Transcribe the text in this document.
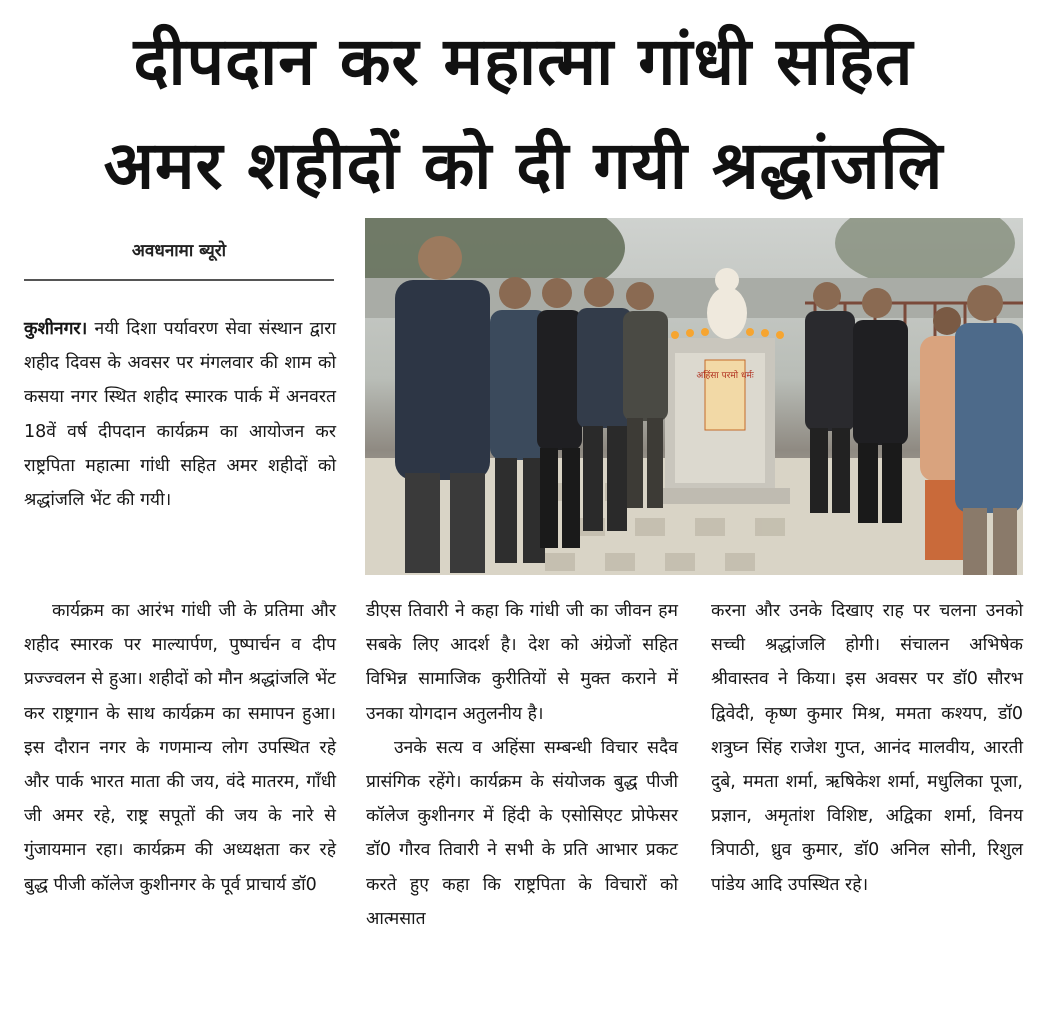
दीपदान कर महात्मा गांधी सहित
अमर शहीदों को दी गयी श्रद्धांजलि
अवधनामा ब्यूरो
अहिंसा परमो धर्मः

कुशीनगर। नयी दिशा पर्यावरण सेवा संस्थान द्वारा शहीद दिवस के अवसर पर मंगलवार की शाम को कसया नगर स्थित शहीद स्मारक पार्क में अनवरत 18वें वर्ष दीपदान कार्यक्रम का आयोजन कर राष्ट्रपिता महात्मा गांधी सहित अमर शहीदों को श्रद्धांजलि भेंट की गयी।

कार्यक्रम का आरंभ गांधी जी के प्रतिमा और शहीद स्मारक पर माल्यार्पण, पुष्पार्चन व दीप प्रज्ज्वलन से हुआ। शहीदों को मौन श्रद्धांजलि भेंट कर राष्ट्रगान के साथ कार्यक्रम का समापन हुआ। इस दौरान नगर के गणमान्य लोग उपस्थित रहे और पार्क भारत माता की जय, वंदे मातरम, गाँधी जी अमर रहे, राष्ट्र सपूतों की जय के नारे से गुंजायमान रहा। कार्यक्रम की अध्यक्षता कर रहे बुद्ध पीजी कॉलेज कुशीनगर के पूर्व प्राचार्य डॉ0

डीएस तिवारी ने कहा कि गांधी जी का जीवन हम सबके लिए आदर्श है। देश को अंग्रेजों सहित विभिन्न सामाजिक कुरीतियों से मुक्त कराने में उनका योगदान अतुलनीय है।

उनके सत्य व अहिंसा सम्बन्धी विचार सदैव प्रासंगिक रहेंगे। कार्यक्रम के संयोजक बुद्ध पीजी कॉलेज कुशीनगर में हिंदी के एसोसिएट प्रोफेसर डॉ0 गौरव तिवारी ने सभी के प्रति आभार प्रकट करते हुए कहा कि राष्ट्रपिता के विचारों को आत्मसात

करना और उनके दिखाए राह पर चलना उनको सच्ची श्रद्धांजलि होगी। संचालन अभिषेक श्रीवास्तव ने किया। इस अवसर पर डॉ0 सौरभ द्विवेदी, कृष्ण कुमार मिश्र, ममता कश्यप, डॉ0 शत्रुघ्न सिंह राजेश गुप्त, आनंद मालवीय, आरती दुबे, ममता शर्मा, ऋषिकेश शर्मा, मधुलिका पूजा, प्रज्ञान, अमृतांश विशिष्ट, अद्विका शर्मा, विनय त्रिपाठी, ध्रुव कुमार, डॉ0 अनिल सोनी, रिशुल पांडेय आदि उपस्थित रहे।
